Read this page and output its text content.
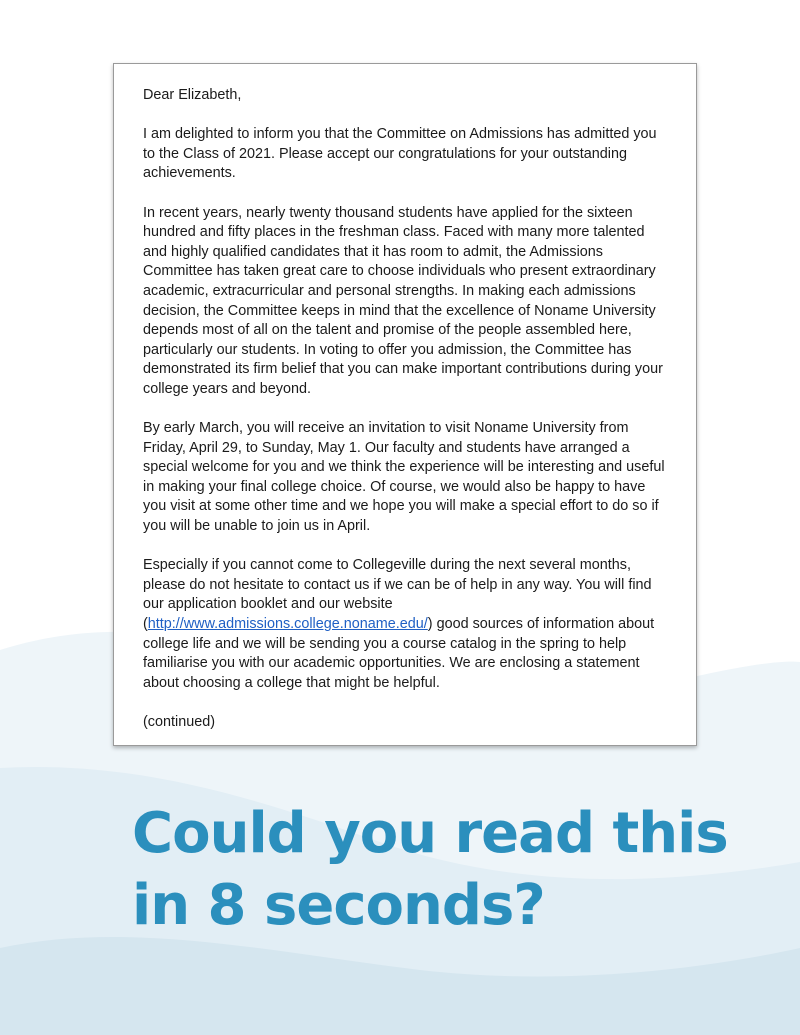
Dear Elizabeth,

I am delighted to inform you that the Committee on Admissions has admitted you to the Class of 2021. Please accept our congratulations for your outstanding achievements.

In recent years, nearly twenty thousand students have applied for the sixteen hundred and fifty places in the freshman class. Faced with many more talented and highly qualified candidates that it has room to admit, the Admissions Committee has taken great care to choose individuals who present extraordinary academic, extracurricular and personal strengths. In making each admissions decision, the Committee keeps in mind that the excellence of Noname University depends most of all on the talent and promise of the people assembled here, particularly our students. In voting to offer you admission, the Committee has demonstrated its firm belief that you can make important contributions during your college years and beyond.

By early March, you will receive an invitation to visit Noname University from Friday, April 29, to Sunday, May 1. Our faculty and students have arranged a special welcome for you and we think the experience will be interesting and useful in making your final college choice. Of course, we would also be happy to have you visit at some other time and we hope you will make a special effort to do so if you will be unable to join us in April.

Especially if you cannot come to Collegeville during the next several months, please do not hesitate to contact us if we can be of help in any way. You will find our application booklet and our website (http://www.admissions.college.noname.edu/) good sources of information about college life and we will be sending you a course catalog in the spring to help familiarise you with our academic opportunities. We are enclosing a statement about choosing a college that might be helpful.

(continued)

Could you read this
in 8 seconds?
